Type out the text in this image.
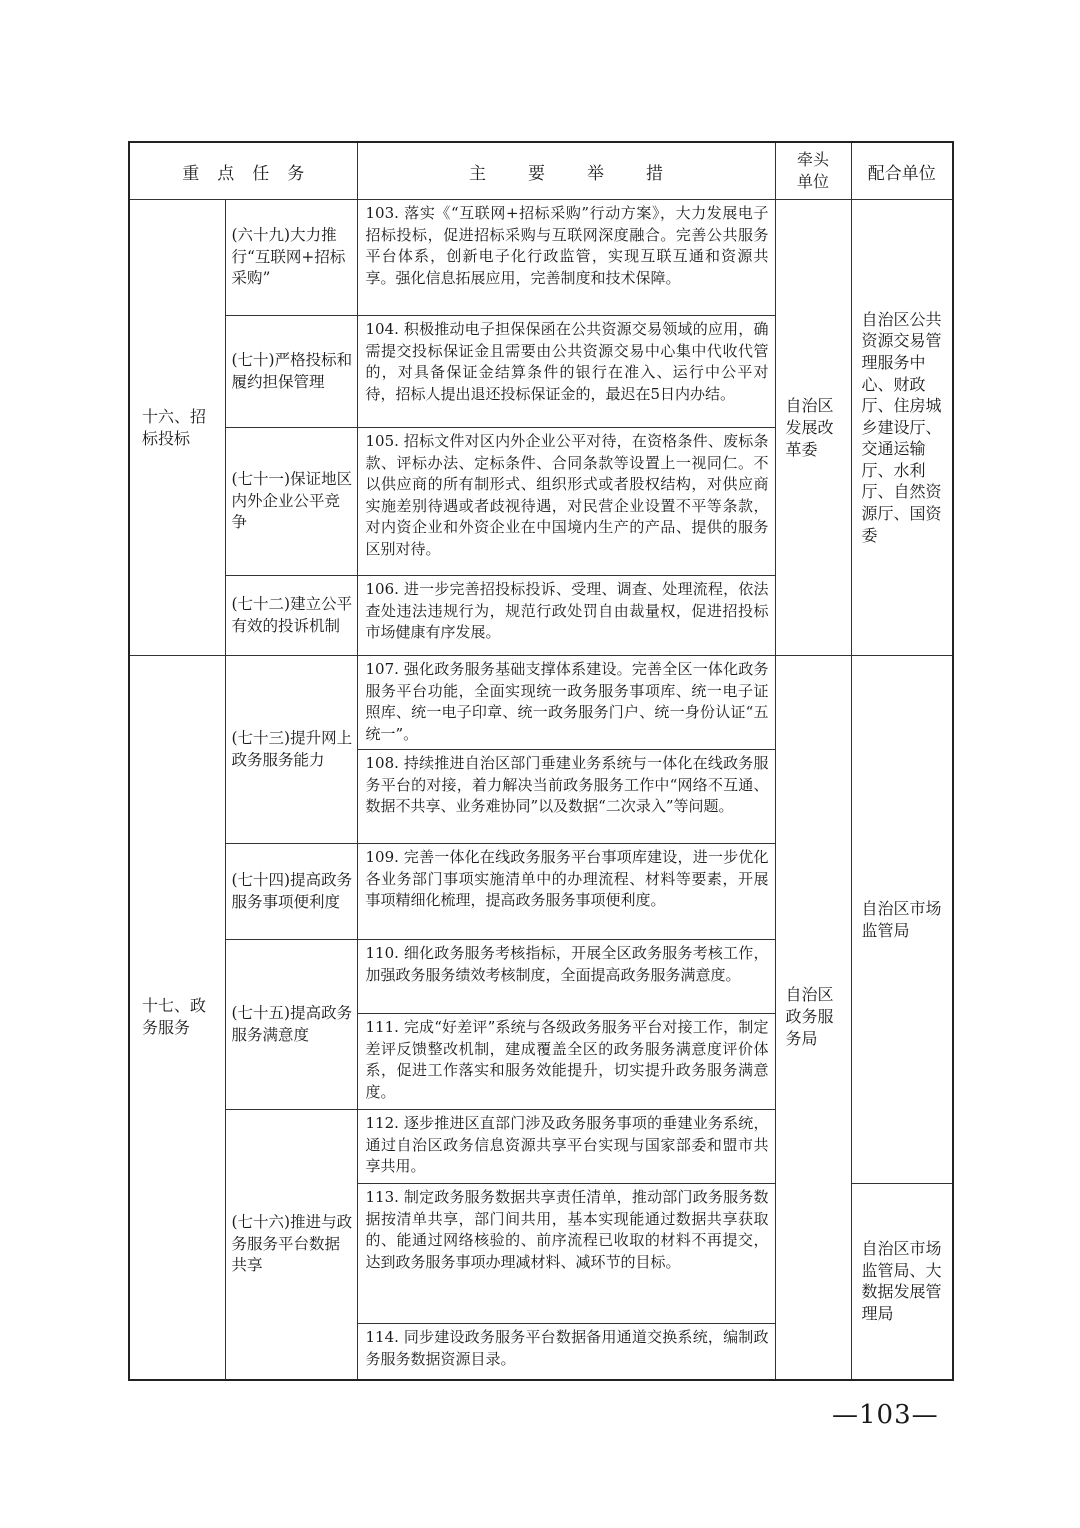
重点任务		主要举措	牵头单位	配合单位
十六、招标投标	(六十九)大力推行“互联网+招标采购”	103. 落实《“互联网+招标采购”行动方案》，大力发展电子招标投标，促进招标采购与互联网深度融合。完善公共服务平台体系，创新电子化行政监管，实现互联互通和资源共享。强化信息拓展应用，完善制度和技术保障。	自治区发展改革委	自治区公共资源交易管理服务中心、财政厅、住房城乡建设厅、交通运输厅、水利厅、自然资源厅、国资委
	(七十)严格投标和履约担保管理	104. 积极推动电子担保保函在公共资源交易领域的应用，确需提交投标保证金且需要由公共资源交易中心集中代收代管的，对具备保证金结算条件的银行在准入、运行中公平对待，招标人提出退还投标保证金的，最迟在5日内办结。		
	(七十一)保证地区内外企业公平竞争	105. 招标文件对区内外企业公平对待，在资格条件、废标条款、评标办法、定标条件、合同条款等设置上一视同仁。不以供应商的所有制形式、组织形式或者股权结构，对供应商实施差别待遇或者歧视待遇，对民营企业设置不平等条款，对内资企业和外资企业在中国境内生产的产品、提供的服务区别对待。		
	(七十二)建立公平有效的投诉机制	106. 进一步完善招投标投诉、受理、调查、处理流程，依法查处违法违规行为，规范行政处罚自由裁量权，促进招投标市场健康有序发展。		
十七、政务服务	(七十三)提升网上政务服务能力	107. 强化政务服务基础支撑体系建设。完善全区一体化政务服务平台功能，全面实现统一政务服务事项库、统一电子证照库、统一电子印章、统一政务服务门户、统一身份认证“五统一”。	自治区政务服务局	自治区市场监管局
		108. 持续推进自治区部门垂建业务系统与一体化在线政务服务平台的对接，着力解决当前政务服务工作中“网络不互通、数据不共享、业务难协同”以及数据“二次录入”等问题。		
	(七十四)提高政务服务事项便利度	109. 完善一体化在线政务服务平台事项库建设，进一步优化各业务部门事项实施清单中的办理流程、材料等要素，开展事项精细化梳理，提高政务服务事项便利度。		
	(七十五)提高政务服务满意度	110. 细化政务服务考核指标，开展全区政务服务考核工作，加强政务服务绩效考核制度，全面提高政务服务满意度。		
		111. 完成“好差评”系统与各级政务服务平台对接工作，制定差评反馈整改机制，建成覆盖全区的政务服务满意度评价体系，促进工作落实和服务效能提升，切实提升政务服务满意度。		
	(七十六)推进与政务服务平台数据共享	112. 逐步推进区直部门涉及政务服务事项的垂建业务系统，通过自治区政务信息资源共享平台实现与国家部委和盟市共享共用。		
		113. 制定政务服务数据共享责任清单，推动部门政务服务数据按清单共享，部门间共用，基本实现能通过数据共享获取的、能通过网络核验的、前序流程已收取的材料不再提交，达到政务服务事项办理减材料、减环节的目标。		自治区市场监管局、大数据发展管理局
		114. 同步建设政务服务平台数据备用通道交换系统，编制政务服务数据资源目录。		
—103—
